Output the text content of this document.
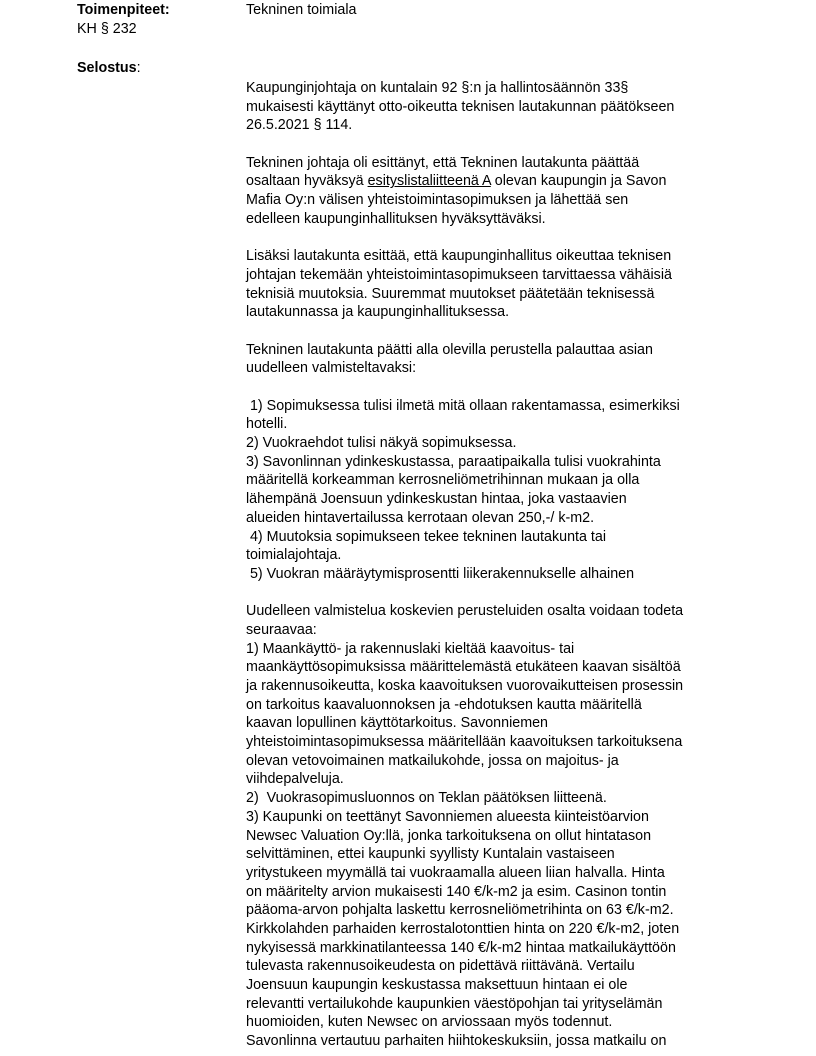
Toimenpiteet:
KH § 232
Tekninen toimiala
Selostus:
Kaupunginjohtaja on kuntalain 92 §:n ja hallintosäännön 33§
mukaisesti käyttänyt otto-oikeutta teknisen lautakunnan päätökseen
26.5.2021 § 114.
Tekninen johtaja oli esittänyt, että Tekninen lautakunta päättää
osaltaan hyväksyä esityslistaliitteenä A olevan kaupungin ja Savon
Mafia Oy:n välisen yhteistoimintasopimuksen ja lähettää sen
edelleen kaupunginhallituksen hyväksyttäväksi.
Lisäksi lautakunta esittää, että kaupunginhallitus oikeuttaa teknisen
johtajan tekemään yhteistoimintasopimukseen tarvittaessa vähäisiä
teknisiä muutoksia. Suuremmat muutokset päätetään teknisessä
lautakunnassa ja kaupunginhallituksessa.
Tekninen lautakunta päätti alla olevilla perustella palauttaa asian
uudelleen valmisteltavaksi:
1) Sopimuksessa tulisi ilmetä mitä ollaan rakentamassa, esimerkiksi
hotelli.
2) Vuokraehdot tulisi näkyä sopimuksessa.
3) Savonlinnan ydinkeskustassa, paraatipaikalla tulisi vuokrahinta
määritellä korkeamman kerrosneliömetrihinnan mukaan ja olla
lähempänä Joensuun ydinkeskustan hintaa, joka vastaavien
alueiden hintavertailussa kerrotaan olevan 250,-/ k-m2.
4) Muutoksia sopimukseen tekee tekninen lautakunta tai
toimialajohtaja.
5) Vuokran määräytymisprosentti liikerakennukselle alhainen
Uudelleen valmistelua koskevien perusteluiden osalta voidaan todeta
seuraavaa:
1) Maankäyttö- ja rakennuslaki kieltää kaavoitus- tai
maankäyttösopimuksissa määrittelemästä etukäteen kaavan sisältöä
ja rakennusoikeutta, koska kaavoituksen vuorovaikutteisen prosessin
on tarkoitus kaavaluonnoksen ja -ehdotuksen kautta määritellä
kaavan lopullinen käyttötarkoitus. Savonniemen
yhteistoimintasopimuksessa määritellään kaavoituksen tarkoituksena
olevan vetovoimainen matkailukohde, jossa on majoitus- ja
viihdepalveluja.
2)  Vuokrasopimusluonnos on Teklan päätöksen liitteenä.
3) Kaupunki on teettänyt Savonniemen alueesta kiinteistöarvion
Newsec Valuation Oy:llä, jonka tarkoituksena on ollut hintatason
selvittäminen, ettei kaupunki syyllisty Kuntalain vastaiseen
yritystukeen myymällä tai vuokraamalla alueen liian halvalla. Hinta
on määritelty arvion mukaisesti 140 €/k-m2 ja esim. Casinon tontin
pääoma-arvon pohjalta laskettu kerrosneliömetrihinta on 63 €/k-m2.
Kirkkolahden parhaiden kerrostalotonttien hinta on 220 €/k-m2, joten
nykyisessä markkinatilanteessa 140 €/k-m2 hintaa matkailukäyttöön
tulevasta rakennusoikeudesta on pidettävä riittävänä. Vertailu
Joensuun kaupungin keskustassa maksettuun hintaan ei ole
relevantti vertailukohde kaupunkien väestöpohjan tai yrityselämän
huomioiden, kuten Newsec on arviossaan myös todennut.
Savonlinna vertautuu parhaiten hiihtokeskuksiin, jossa matkailu on
